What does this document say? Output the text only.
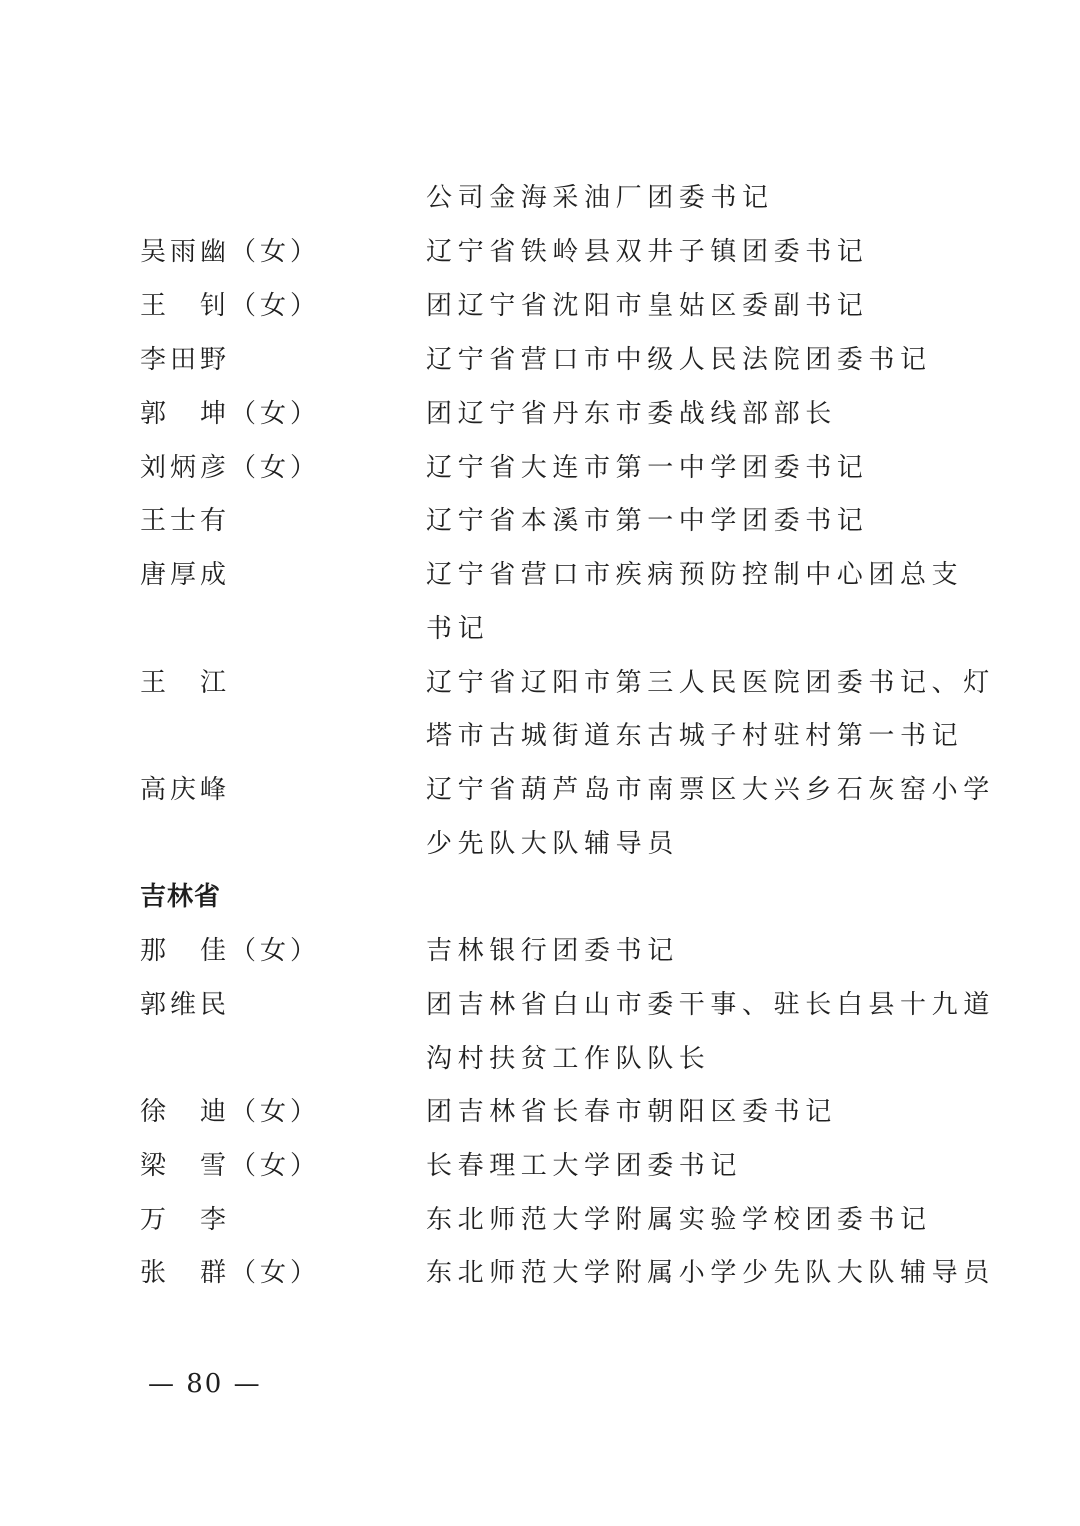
公司金海采油厂团委书记
吴雨幽（女）	辽宁省铁岭县双井子镇团委书记
王　钊（女）	团辽宁省沈阳市皇姑区委副书记
李田野	辽宁省营口市中级人民法院团委书记
郭　坤（女）	团辽宁省丹东市委战线部部长
刘炳彦（女）	辽宁省大连市第一中学团委书记
王士有	辽宁省本溪市第一中学团委书记
唐厚成	辽宁省营口市疾病预防控制中心团总支
书记
王　江	辽宁省辽阳市第三人民医院团委书记、灯
塔市古城街道东古城子村驻村第一书记
高庆峰	辽宁省葫芦岛市南票区大兴乡石灰窑小学
少先队大队辅导员
吉林省
那　佳（女）	吉林银行团委书记
郭维民	团吉林省白山市委干事、驻长白县十九道
沟村扶贫工作队队长
徐　迪（女）	团吉林省长春市朝阳区委书记
梁　雪（女）	长春理工大学团委书记
万　李	东北师范大学附属实验学校团委书记
张　群（女）	东北师范大学附属小学少先队大队辅导员
— 80 —
